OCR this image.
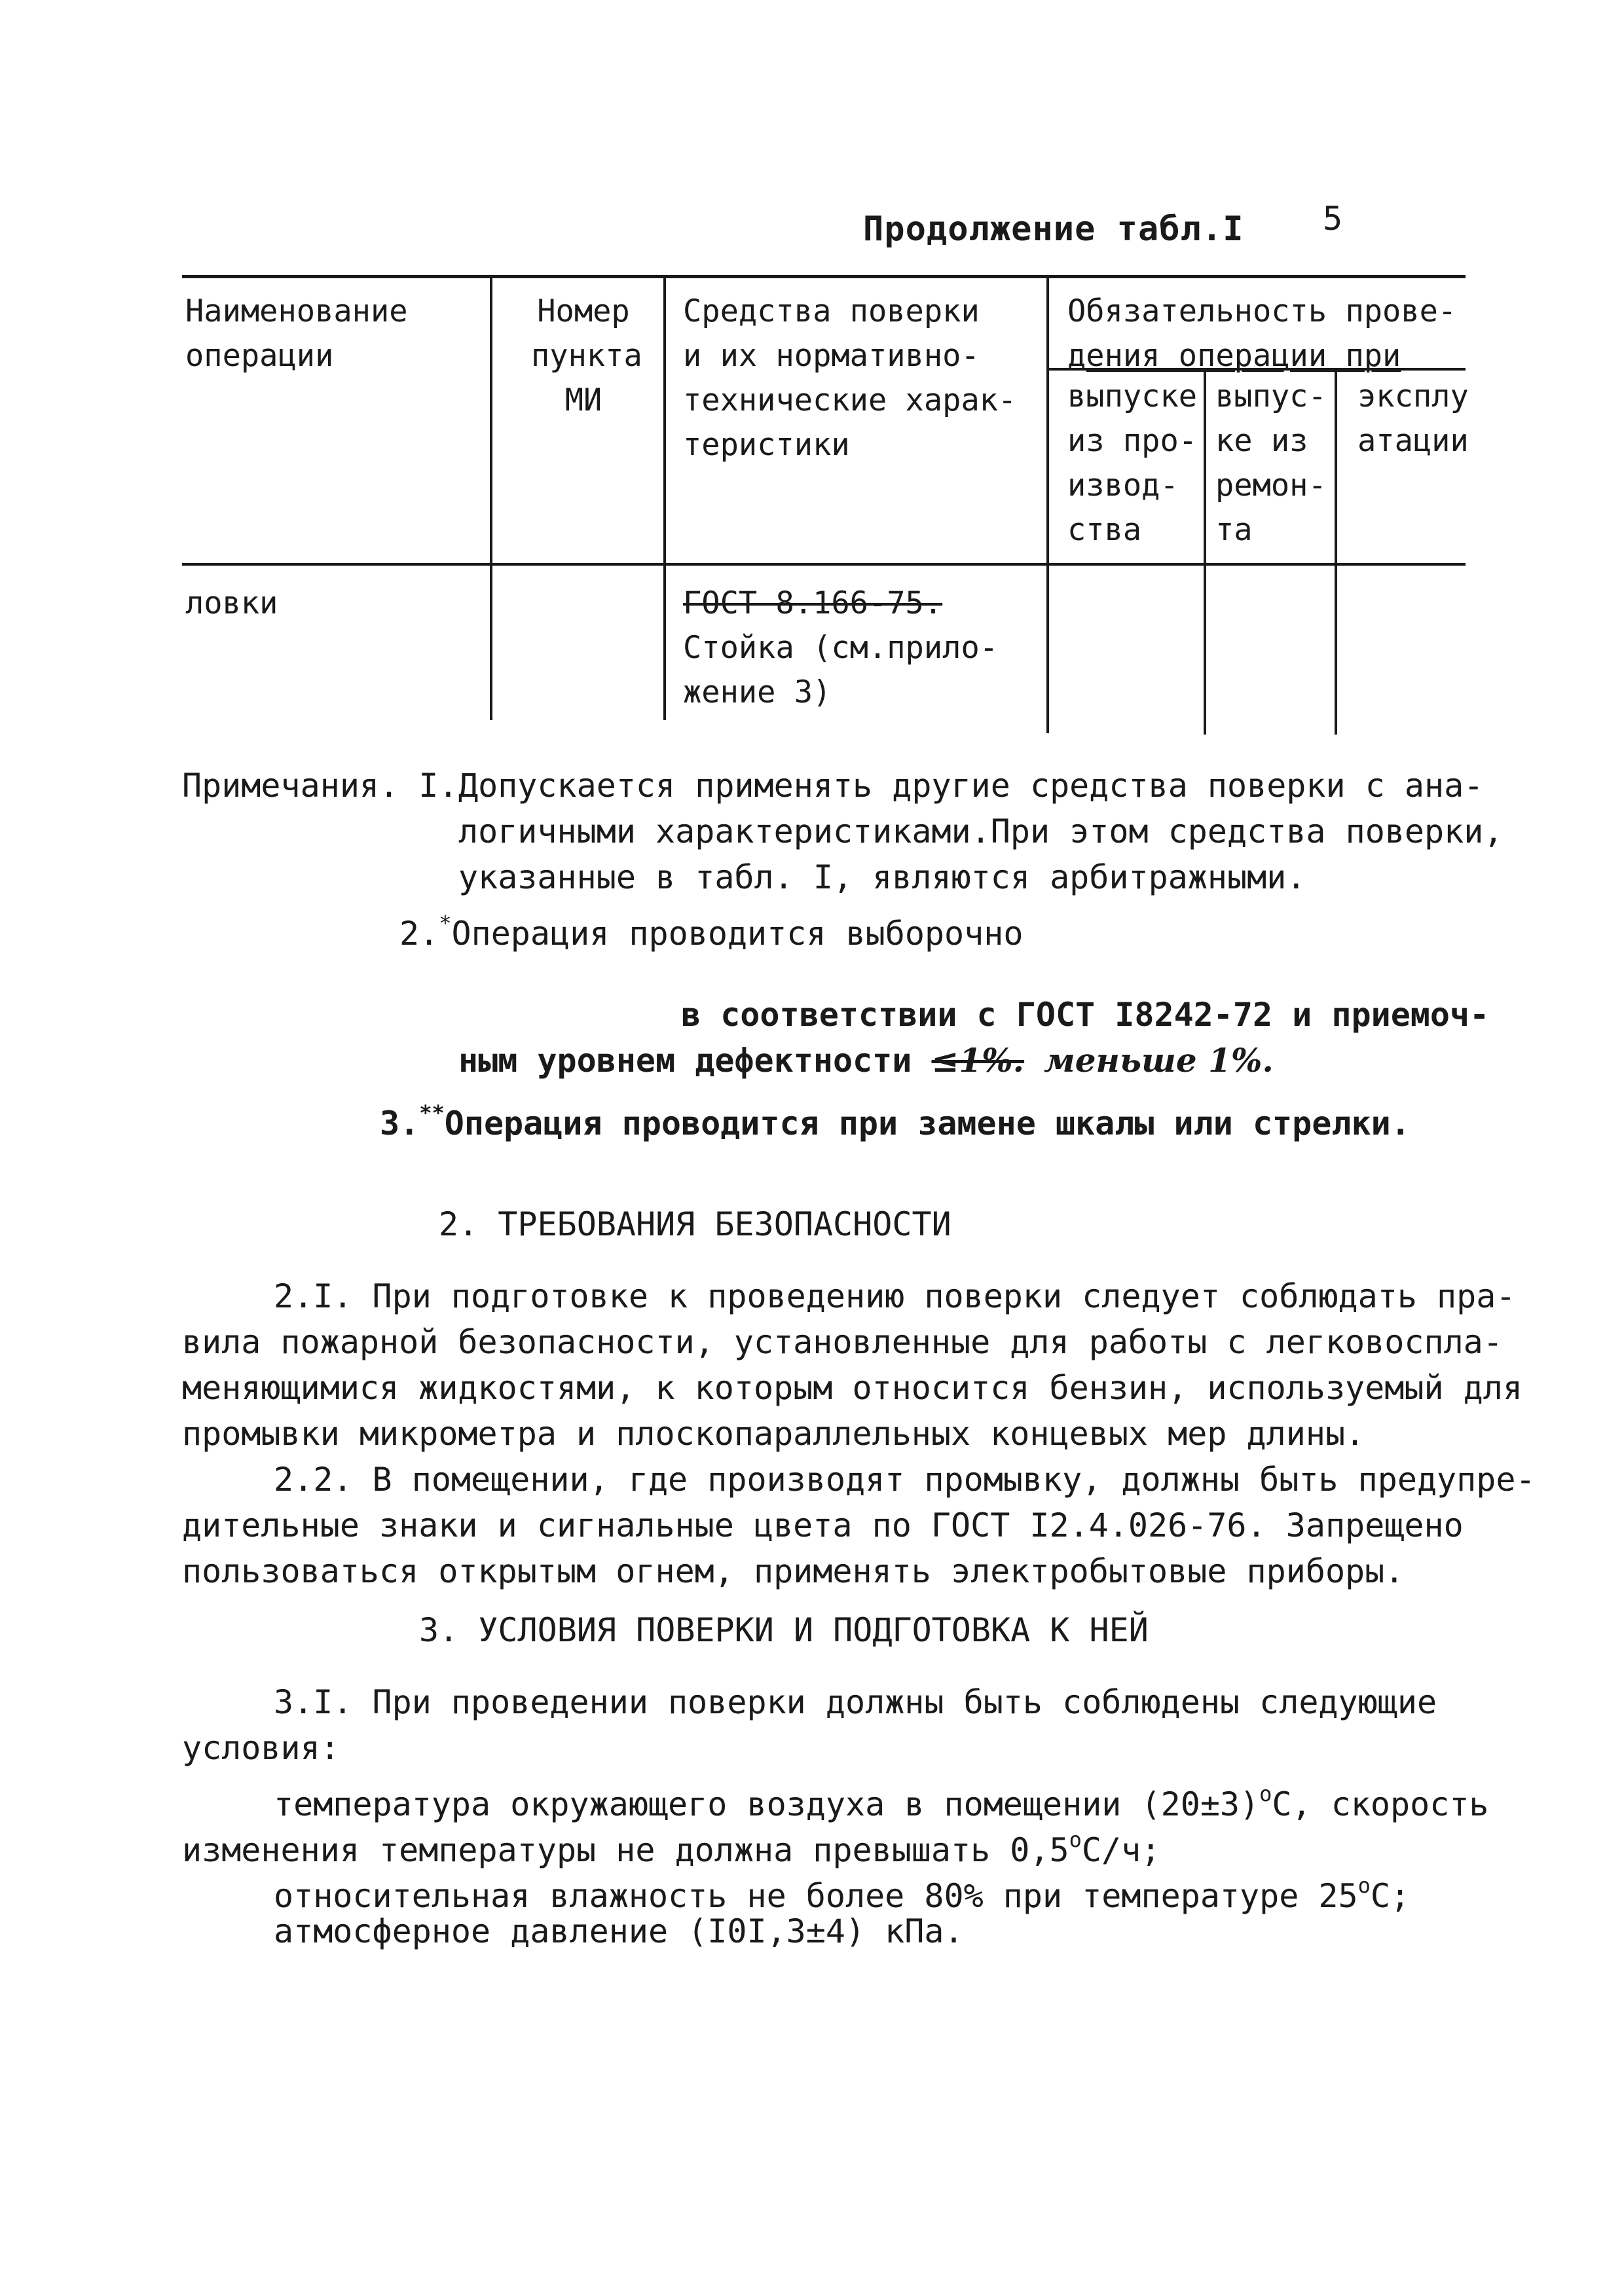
5
Продолжение табл.I
Наименование
операции
Номер
пункта
МИ
Средства поверки
и их нормативно-
технические харак-
теристики
Обязательность прове-
дения операции при
выпуске
из про-
извод-
ства
выпус-
ке из
ремон-
та
эксплу
атации
ловки	ГОСТ 8.166-75.
Стойка (см.прило-
жение 3)
Примечания. I. Допускается применять другие средства поверки с ана-
логичными характеристиками.При этом средства поверки,
указанные в табл. I, являются арбитражными.
2.*Операция проводится выборочно
в соответствии с ГОСТ I8242-72 и приемоч-
ным уровнем дефектности ≤1%. меньше 1%.
3.**Операция проводится при замене шкалы или стрелки.
2. ТРЕБОВАНИЯ БЕЗОПАСНОСТИ
2.I. При подготовке к проведению поверки следует соблюдать пра-
вила пожарной безопасности, установленные для работы с легковоспла-
меняющимися жидкостями, к которым относится бензин, используемый для
промывки микрометра и плоскопараллельных концевых мер длины.
2.2. В помещении, где производят промывку, должны быть предупре-
дительные знаки и сигнальные цвета по ГОСТ I2.4.026-76. Запрещено
пользоваться открытым огнем, применять электробытовые приборы.
3. УСЛОВИЯ ПОВЕРКИ И ПОДГОТОВКА К НЕЙ
3.I. При проведении поверки должны быть соблюдены следующие
условия:
температура окружающего воздуха в помещении $(20\pm 3)^oС$, скорость
изменения температуры не должна превышать 0,5$^o$С/ч;
относительная влажность не более 80% при температуре 25$^o$С;
атмосферное давление (I0I,3±4) кПа.
